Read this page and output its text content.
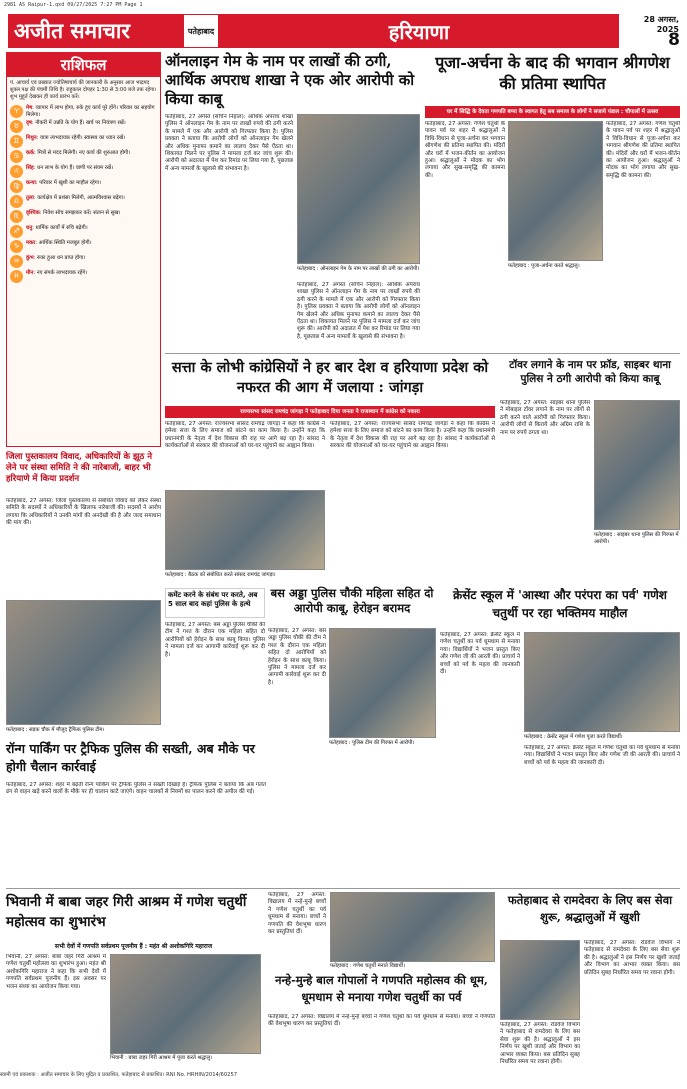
2981 AS Raipur-1.qxd 09/27/2025 7:27 PM Page 1
अजीत समाचार	पतेहाबाद	हरियाणा	28 अगस्त, 2025
8
राशिफल
पं. आचार्य एवं प्रख्यात ज्योतिषाचार्य की जानकारी के अनुसार आज भाद्रपद शुक्ल पक्ष की पंचमी तिथि है। राहुकाल दोपहर 1:30 से 3:00 बजे तक रहेगा। शुभ मुहूर्त देखकर ही कार्य प्रारंभ करें।
♈	मेष: व्यापार में लाभ होगा, रुके हुए कार्य पूरे होंगे। परिवार का सहयोग मिलेगा।
♉	वृष: नौकरी में उन्नति के योग हैं। खर्च पर नियंत्रण रखें।
♊	मिथुन: यात्रा लाभदायक रहेगी। स्वास्थ्य का ध्यान रखें।
♋	कर्क: मित्रों से मदद मिलेगी। नए कार्य की शुरुआत होगी।
♌	सिंह: धन लाभ के योग हैं। वाणी पर संयम रखें।
♍	कन्या: परिवार में खुशी का माहौल रहेगा।
♎	तुला: कार्यक्षेत्र में प्रशंसा मिलेगी, आत्मविश्वास बढ़ेगा।
♏	वृश्चिक: निवेश सोच समझकर करें। संतान से सुख।
♐	धनु: धार्मिक कार्यों में रुचि बढ़ेगी।
♑	मकर: आर्थिक स्थिति मजबूत होगी।
♒	कुंभ: रुका हुआ धन प्राप्त होगा।
♓	मीन: नए संपर्क लाभदायक रहेंगे।
ऑनलाइन गेम के नाम पर लाखों की ठगी, आर्थिक अपराध शाखा ने एक ओर आरोपी को किया काबू
फतेहाबाद, 27 अगस्त (सचिन निहाल): आर्थिक अपराध शाखा पुलिस ने ऑनलाइन गेम के नाम पर लाखों रुपये की ठगी करने के मामले में एक और आरोपी को गिरफ्तार किया है। पुलिस प्रवक्ता ने बताया कि आरोपी लोगों को ऑनलाइन गेम खेलने और अधिक मुनाफा कमाने का लालच देकर पैसे ऐंठता था। शिकायत मिलने पर पुलिस ने मामला दर्ज कर जांच शुरू की। आरोपी को अदालत में पेश कर रिमांड पर लिया गया है, पूछताछ में अन्य मामलों के खुलासे की संभावना है।
फतेहाबाद : ऑनलाइन गेम के नाम पर लाखों की ठगी का आरोपी।
फतेहाबाद, 27 अगस्त (सचिन निहाल): आर्थिक अपराध शाखा पुलिस ने ऑनलाइन गेम के नाम पर लाखों रुपये की ठगी करने के मामले में एक और आरोपी को गिरफ्तार किया है। पुलिस प्रवक्ता ने बताया कि आरोपी लोगों को ऑनलाइन गेम खेलने और अधिक मुनाफा कमाने का लालच देकर पैसे ऐंठता था। शिकायत मिलने पर पुलिस ने मामला दर्ज कर जांच शुरू की। आरोपी को अदालत में पेश कर रिमांड पर लिया गया है, पूछताछ में अन्य मामलों के खुलासे की संभावना है।
पूजा-अर्चना के बाद की भगवान श्रीगणेश की प्रतिमा स्थापित
घर में सिद्धि के देवता गणपति बप्पा के स्वागत हेतु सब समाज के लोगों ने सजाये पंडाल : चौपालों में उत्सव
फतेहाबाद, 27 अगस्त: गणेश चतुर्थी के पावन पर्व पर शहर में श्रद्धालुओं ने विधि-विधान से पूजा-अर्चना कर भगवान श्रीगणेश की प्रतिमा स्थापित की। मंदिरों और घरों में भजन-कीर्तन का आयोजन हुआ। श्रद्धालुओं ने मोदक का भोग लगाया और सुख-समृद्धि की कामना की।
फतेहाबाद : पूजा-अर्चना करते श्रद्धालु।
फतेहाबाद, 27 अगस्त: गणेश चतुर्थी के पावन पर्व पर शहर में श्रद्धालुओं ने विधि-विधान से पूजा-अर्चना कर भगवान श्रीगणेश की प्रतिमा स्थापित की। मंदिरों और घरों में भजन-कीर्तन का आयोजन हुआ। श्रद्धालुओं ने मोदक का भोग लगाया और सुख-समृद्धि की कामना की।
सत्ता के लोभी कांग्रेसियों ने हर बार देश व हरियाणा प्रदेश को नफरत की आग में जलाया : जांगड़ा
राज्यसभा सांसद रामचंद्र जांगड़ा ने फतेहाबाद दिया जनता ने राजस्थान में कांग्रेस को नकारा
फतेहाबाद, 27 अगस्त: राज्यसभा सांसद रामचंद्र जांगड़ा ने कहा कि कांग्रेस ने हमेशा सत्ता के लिए समाज को बांटने का काम किया है। उन्होंने कहा कि प्रधानमंत्री के नेतृत्व में देश विकास की राह पर आगे बढ़ रहा है। सांसद ने कार्यकर्ताओं से सरकार की योजनाओं को घर-घर पहुंचाने का आह्वान किया।
फतेहाबाद : बैठक को संबोधित करते सांसद रामचंद्र जांगड़ा।
फतेहाबाद, 27 अगस्त: राज्यसभा सांसद रामचंद्र जांगड़ा ने कहा कि कांग्रेस ने हमेशा सत्ता के लिए समाज को बांटने का काम किया है। उन्होंने कहा कि प्रधानमंत्री के नेतृत्व में देश विकास की राह पर आगे बढ़ रहा है। सांसद ने कार्यकर्ताओं से सरकार की योजनाओं को घर-घर पहुंचाने का आह्वान किया।
टॉवर लगाने के नाम पर फ्रॉड, साइबर थाना पुलिस ने ठगी आरोपी को किया काबू
फतेहाबाद, 27 अगस्त: साइबर थाना पुलिस ने मोबाइल टॉवर लगाने के नाम पर लोगों से ठगी करने वाले आरोपी को गिरफ्तार किया। आरोपी लोगों से किराये और अग्रिम राशि के नाम पर रुपये ठगता था।
फतेहाबाद : साइबर थाना पुलिस की गिरफ्त में आरोपी।
जिला पुस्तकालय विवाद, अधिकारियों के झूठ ने लेने पर संस्था समिति ने की नारेबाजी, बाहर भी हरियाणे में किया प्रदर्शन
फतेहाबाद, 27 अगस्त: जिला पुस्तकालय से संबंधित विवाद को लेकर संस्था समिति के सदस्यों ने अधिकारियों के खिलाफ नारेबाजी की। सदस्यों ने आरोप लगाया कि अधिकारियों ने उनकी मांगों की अनदेखी की है और जल्द समाधान की मांग की।
फतेहाबाद : सड़क चौक में मौजूद ट्रैफिक पुलिस टीम।
रॉन्ग पार्किंग पर ट्रैफिक पुलिस की सख्ती, अब मौके पर होगी चैलान कार्रवाई
फतेहाबाद, 27 अगस्त: शहर में बढ़ती रॉन्ग पार्किंग पर ट्रैफिक पुलिस ने सख्ती दिखाई है। ट्रैफिक पुलिस ने बताया कि अब गलत ढंग से वाहन खड़े करने वालों के मौके पर ही चालान काटे जाएंगे। वाहन चालकों से नियमों का पालन करने की अपील की गई।
कमेंट करने के संबंध पर करते, अब 5 साल बाद कहां पुलिस के हत्थे
बस अड्डा पुलिस चौकी महिला सहित दो आरोपी काबू, हेरोइन बरामद
फतेहाबाद, 27 अगस्त: बस अड्डा पुलिस चौकी की टीम ने गश्त के दौरान एक महिला सहित दो आरोपियों को हेरोइन के साथ काबू किया। पुलिस ने मामला दर्ज कर आगामी कार्रवाई शुरू कर दी है।
फतेहाबाद : पुलिस टीम की गिरफ्त में आरोपी।
फतेहाबाद, 27 अगस्त: बस अड्डा पुलिस चौकी की टीम ने गश्त के दौरान एक महिला सहित दो आरोपियों को हेरोइन के साथ काबू किया। पुलिस ने मामला दर्ज कर आगामी कार्रवाई शुरू कर दी है।
क्रेसेंट स्कूल में 'आस्था और परंपरा का पर्व' गणेश चतुर्थी पर रहा भक्तिमय माहौल
फतेहाबाद, 27 अगस्त: क्रेसेंट स्कूल में गणेश चतुर्थी का पर्व धूमधाम से मनाया गया। विद्यार्थियों ने भजन प्रस्तुत किए और गणेश जी की आरती की। प्राचार्य ने बच्चों को पर्व के महत्व की जानकारी दी।
फतेहाबाद : क्रेसेंट स्कूल में गणेश पूजा करते विद्यार्थी।
फतेहाबाद, 27 अगस्त: क्रेसेंट स्कूल में गणेश चतुर्थी का पर्व धूमधाम से मनाया गया। विद्यार्थियों ने भजन प्रस्तुत किए और गणेश जी की आरती की। प्राचार्य ने बच्चों को पर्व के महत्व की जानकारी दी।
भिवानी में बाबा जहर गिरी आश्रम में गणेश चतुर्थी महोत्सव का शुभारंभ
सभी देवों में गणपति सर्वप्रथम पूजनीय हैं : महंत श्री अशोकगिरि महाराज
भिवानी, 27 अगस्त: बाबा जहर गिरी आश्रम में गणेश चतुर्थी महोत्सव का शुभारंभ हुआ। महंत श्री अशोकगिरि महाराज ने कहा कि सभी देवों में गणपति सर्वप्रथम पूजनीय हैं। इस अवसर पर भजन संध्या का आयोजन किया गया।
भिवानी : बाबा जहर गिरी आश्रम में पूजा करते श्रद्धालु।
फतेहाबाद, 27 अगस्त: विद्यालय में नन्हे-मुन्हे बच्चों ने गणेश चतुर्थी का पर्व धूमधाम से मनाया। बच्चों ने गणपति की वेशभूषा धारण कर प्रस्तुतियां दीं।
फतेहाबाद : गणेश चतुर्थी मनाते विद्यार्थी।
नन्हे-मुन्हे बाल गोपालों ने गणपति महोत्सव की धूम, धूमधाम से मनाया गणेश चतुर्थी का पर्व
फतेहाबाद, 27 अगस्त: विद्यालय में नन्हे-मुन्हे बच्चों ने गणेश चतुर्थी का पर्व धूमधाम से मनाया। बच्चों ने गणपति की वेशभूषा धारण कर प्रस्तुतियां दीं।
फतेहाबाद से रामदेवरा के लिए बस सेवा शुरू, श्रद्धालुओं में खुशी
फतेहाबाद, 27 अगस्त: रोडवेज विभाग ने फतेहाबाद से रामदेवरा के लिए बस सेवा शुरू की है। श्रद्धालुओं ने इस निर्णय पर खुशी जताई और विभाग का आभार व्यक्त किया। बस प्रतिदिन सुबह निर्धारित समय पर रवाना होगी।
फतेहाबाद, 27 अगस्त: रोडवेज विभाग ने फतेहाबाद से रामदेवरा के लिए बस सेवा शुरू की है। श्रद्धालुओं ने इस निर्णय पर खुशी जताई और विभाग का आभार व्यक्त किया। बस प्रतिदिन सुबह निर्धारित समय पर रवाना होगी।
स्वामी एवं प्रकाशक : अजीत समाचार के लिए मुद्रित व प्रकाशित, फतेहाबाद से प्रकाशित। RNI No. HRHIN/2014/60257
